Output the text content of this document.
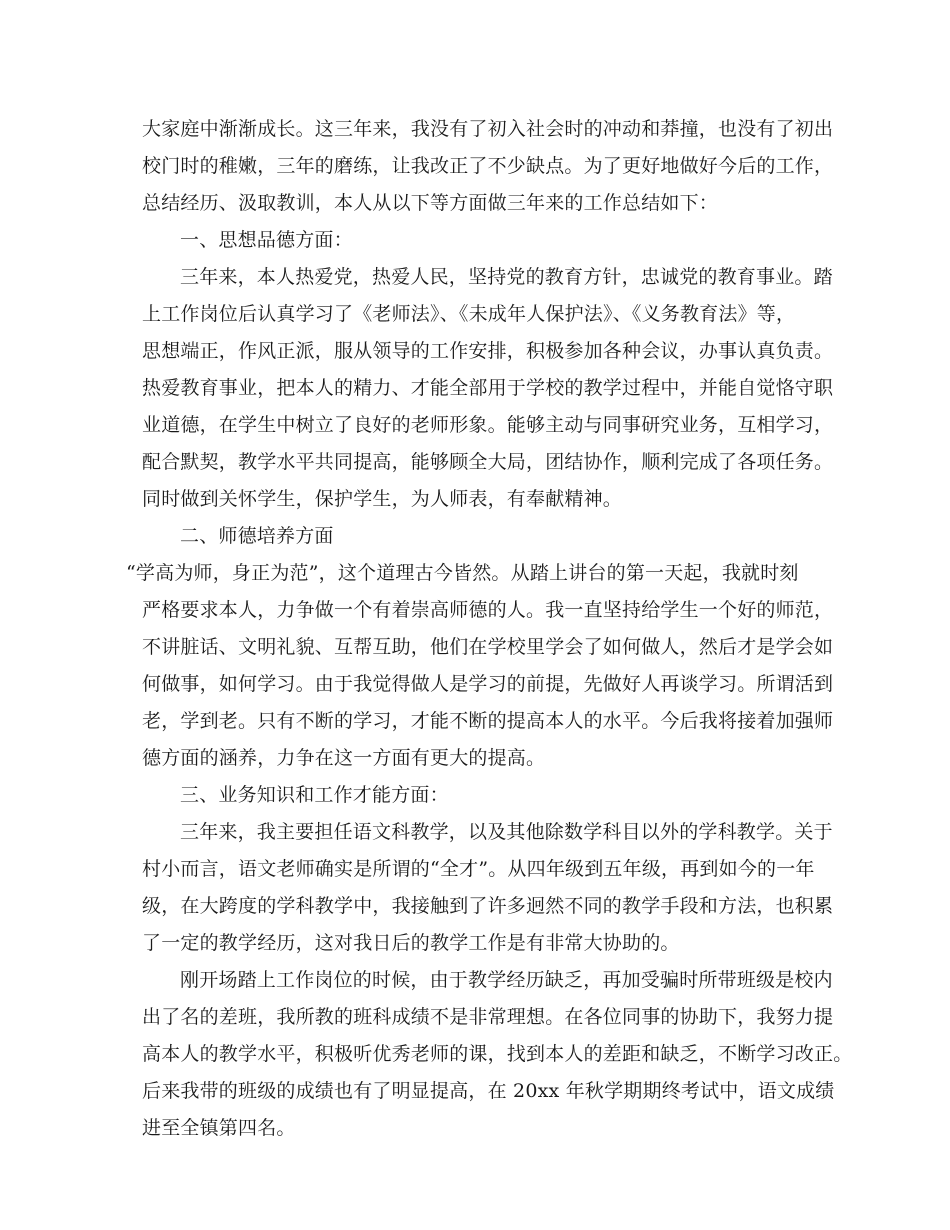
大家庭中渐渐成长。这三年来，我没有了初入社会时的冲动和莽撞，也没有了初出
校门时的稚嫩，三年的磨练，让我改正了不少缺点。为了更好地做好今后的工作，
总结经历、汲取教训，本人从以下等方面做三年来的工作总结如下：
一、思想品德方面：
三年来，本人热爱党，热爱人民，坚持党的教育方针，忠诚党的教育事业。踏
上工作岗位后认真学习了《老师法》、《未成年人保护法》、《义务教育法》等，
思想端正，作风正派，服从领导的工作安排，积极参加各种会议，办事认真负责。
热爱教育事业，把本人的精力、才能全部用于学校的教学过程中，并能自觉恪守职
业道德，在学生中树立了良好的老师形象。能够主动与同事研究业务，互相学习，
配合默契，教学水平共同提高，能够顾全大局，团结协作，顺利完成了各项任务。
同时做到关怀学生，保护学生，为人师表，有奉献精神。
二、师德培养方面
“学高为师，身正为范”，这个道理古今皆然。从踏上讲台的第一天起，我就时刻
严格要求本人，力争做一个有着崇高师德的人。我一直坚持给学生一个好的师范，
不讲脏话、文明礼貌、互帮互助，他们在学校里学会了如何做人，然后才是学会如
何做事，如何学习。由于我觉得做人是学习的前提，先做好人再谈学习。所谓活到
老，学到老。只有不断的学习，才能不断的提高本人的水平。今后我将接着加强师
德方面的涵养，力争在这一方面有更大的提高。
三、业务知识和工作才能方面：
三年来，我主要担任语文科教学，以及其他除数学科目以外的学科教学。关于
村小而言，语文老师确实是所谓的“全才”。从四年级到五年级，再到如今的一年
级，在大跨度的学科教学中，我接触到了许多迥然不同的教学手段和方法，也积累
了一定的教学经历，这对我日后的教学工作是有非常大协助的。
刚开场踏上工作岗位的时候，由于教学经历缺乏，再加受骗时所带班级是校内
出了名的差班，我所教的班科成绩不是非常理想。在各位同事的协助下，我努力提
高本人的教学水平，积极听优秀老师的课，找到本人的差距和缺乏，不断学习改正。
后来我带的班级的成绩也有了明显提高，在 20xx 年秋学期期终考试中，语文成绩
进至全镇第四名。
